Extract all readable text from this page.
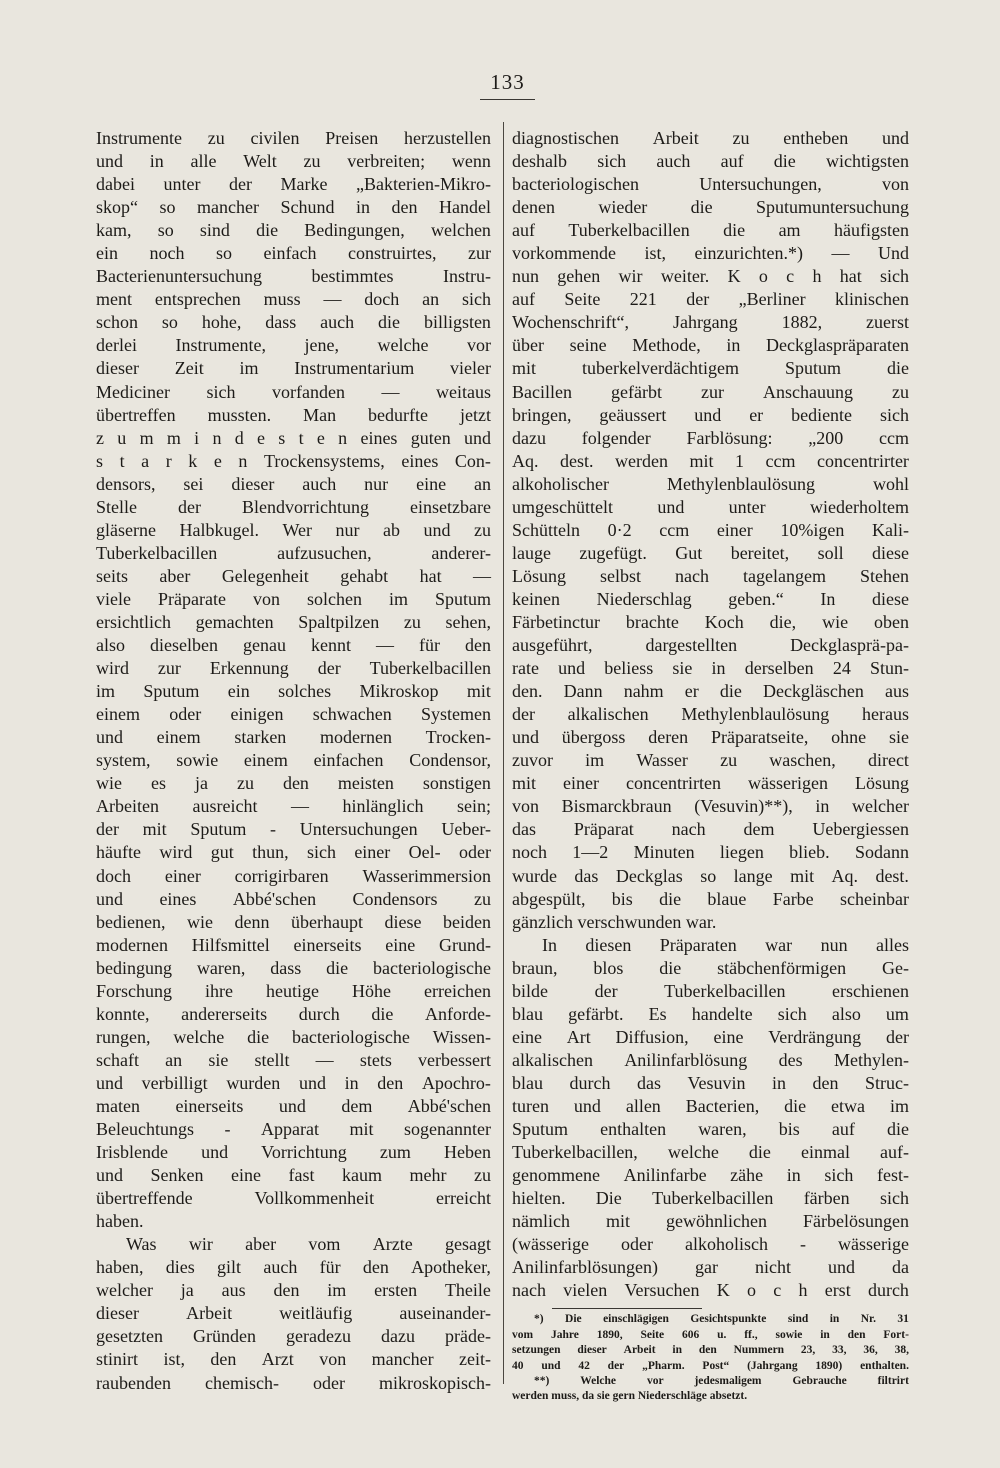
133
Instrumente zu civilen Preisen herzustellen
und in alle Welt zu verbreiten; wenn
dabei unter der Marke „Bakterien-Mikro-
skop“ so mancher Schund in den Handel
kam, so sind die Bedingungen, welchen
ein noch so einfach construirtes, zur
Bacterienuntersuchung	bestimmtes	Instru-
ment entsprechen muss — doch an sich
schon so hohe, dass auch die billigsten
derlei Instrumente, jene, welche vor
dieser Zeit im Instrumentarium vieler
Mediciner sich vorfanden — weitaus
übertreffen mussten. Man bedurfte jetzt
z u m m i n d e s t e n eines guten und
s t a r k e n Trockensystems, eines Con-
densors, sei dieser auch nur eine an
Stelle der Blendvorrichtung einsetzbare
gläserne Halbkugel. Wer nur ab und zu
Tuberkelbacillen	aufzusuchen,	anderer-
seits aber Gelegenheit gehabt hat —
viele Präparate von solchen im Sputum
ersichtlich gemachten Spaltpilzen zu sehen,
also dieselben genau kennt — für den
wird zur Erkennung der Tuberkelbacillen
im Sputum ein solches Mikroskop mit
einem oder einigen schwachen Systemen
und einem starken modernen Trocken-
system, sowie einem einfachen Condensor,
wie es ja zu den meisten sonstigen
Arbeiten ausreicht — hinlänglich sein;
der mit Sputum - Untersuchungen Ueber-
häufte wird gut thun, sich einer Oel- oder
doch einer corrigirbaren Wasserimmersion
und eines Abbé'schen Condensors zu
bedienen, wie denn überhaupt diese beiden
modernen Hilfsmittel einerseits eine Grund-
bedingung waren, dass die bacteriologische
Forschung ihre heutige Höhe erreichen
konnte, andererseits durch die Anforde-
rungen, welche die bacteriologische Wissen-
schaft an sie stellt — stets verbessert
und verbilligt wurden und in den Apochro-
maten einerseits und dem Abbé'schen
Beleuchtungs - Apparat mit sogenannter
Irisblende und Vorrichtung zum Heben
und Senken eine fast kaum mehr zu
übertreffende	Vollkommenheit	erreicht
haben.
Was wir aber vom Arzte gesagt
haben, dies gilt auch für den Apotheker,
welcher ja aus den im ersten Theile
dieser	Arbeit	weitläufig	auseinander-
gesetzten Gründen geradezu dazu präde-
stinirt ist, den Arzt von mancher zeit-
raubenden chemisch- oder mikroskopisch-
diagnostischen Arbeit zu entheben und
deshalb sich auch auf die wichtigsten
bacteriologischen	Untersuchungen,	von
denen wieder die Sputumuntersuchung
auf Tuberkelbacillen die am häufigsten
vorkommende ist, einzurichten.*) — Und
nun gehen wir weiter. K o c h hat sich
auf Seite 221 der „Berliner klinischen
Wochenschrift“, Jahrgang 1882, zuerst
über seine Methode, in Deckglaspräparaten
mit	tuberkelverdächtigem	Sputum	die
Bacillen gefärbt zur Anschauung zu
bringen, geäussert und er bediente sich
dazu folgender Farblösung: „200 ccm
Aq. dest. werden mit 1 ccm concentrirter
alkoholischer	Methylenblaulösung	wohl
umgeschüttelt und unter wiederholtem
Schütteln 0·2 ccm einer 10%igen Kali-
lauge zugefügt. Gut bereitet, soll diese
Lösung selbst nach tagelangem Stehen
keinen Niederschlag geben.“ In diese
Färbetinctur brachte Koch die, wie oben
ausgeführt,	dargestellten	Deckglasprä-pa-
rate und beliess sie in derselben 24 Stun-
den. Dann nahm er die Deckgläschen aus
der alkalischen Methylenblaulösung heraus
und übergoss deren Präparatseite, ohne sie
zuvor im Wasser zu waschen, direct
mit einer concentrirten wässerigen Lösung
von Bismarckbraun (Vesuvin)**), in welcher
das Präparat nach dem Uebergiessen
noch 1—2 Minuten liegen blieb. Sodann
wurde das Deckglas so lange mit Aq. dest.
abgespült, bis die blaue Farbe scheinbar
gänzlich verschwunden war.
In diesen Präparaten war nun alles
braun, blos die stäbchenförmigen Ge-
bilde	der	Tuberkelbacillen	erschienen
blau gefärbt. Es handelte sich also um
eine Art Diffusion, eine Verdrängung der
alkalischen Anilinfarblösung des Methylen-
blau durch das Vesuvin in den Struc-
turen und allen Bacterien, die etwa im
Sputum enthalten waren, bis auf die
Tuberkelbacillen, welche die einmal auf-
genommene Anilinfarbe zähe in sich fest-
hielten. Die Tuberkelbacillen färben sich
nämlich mit gewöhnlichen Färbelösungen
(wässerige oder alkoholisch - wässerige
Anilinfarblösungen) gar nicht und da
nach vielen Versuchen K o c h erst durch
*) Die einschlägigen Gesichtspunkte sind in Nr. 31
vom Jahre 1890, Seite 606 u. ff., sowie in den Fort-
setzungen dieser Arbeit in den Nummern 23, 33, 36, 38,
40 und 42 der „Pharm. Post“ (Jahrgang 1890) enthalten.
**)	Welche	vor	jedesmaligem	Gebrauche	filtrirt
werden muss, da sie gern Niederschläge absetzt.
